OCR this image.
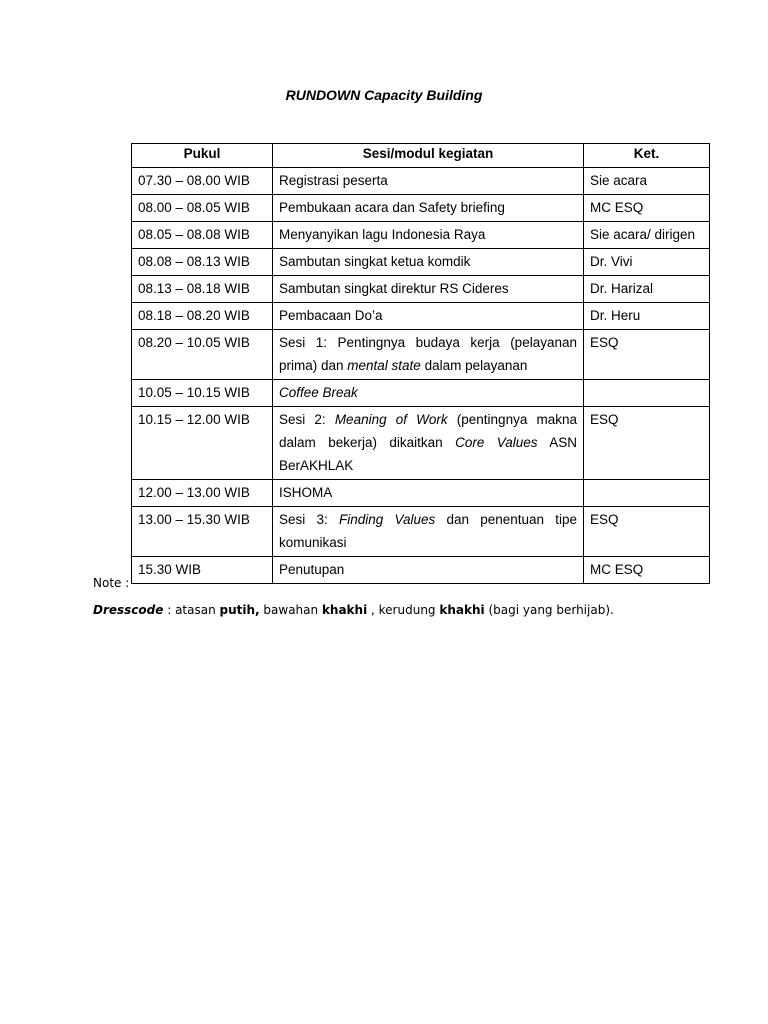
RUNDOWN Capacity Building
Pukul	Sesi/modul kegiatan	Ket.
07.30 – 08.00 WIB	Registrasi peserta	Sie acara
08.00 – 08.05 WIB	Pembukaan acara dan Safety briefing	MC ESQ
08.05 – 08.08 WIB	Menyanyikan lagu Indonesia Raya	Sie acara/ dirigen
08.08 – 08.13 WIB	Sambutan singkat ketua komdik	Dr. Vivi
08.13 – 08.18 WIB	Sambutan singkat direktur RS Cideres	Dr. Harizal
08.18 – 08.20 WIB	Pembacaan Do’a	Dr. Heru
08.20 – 10.05 WIB	Sesi 1: Pentingnya budaya kerja (pelayanan prima) dan mental state dalam pelayanan	ESQ
10.05 – 10.15 WIB	Coffee Break	
10.15 – 12.00 WIB	Sesi 2: Meaning of Work (pentingnya makna dalam bekerja) dikaitkan Core Values ASN BerAKHLAK	ESQ
12.00 – 13.00 WIB	ISHOMA	
13.00 – 15.30 WIB	Sesi 3: Finding Values dan penentuan tipe komunikasi	ESQ
15.30 WIB	Penutupan	MC ESQ
Note :
Dresscode : atasan putih, bawahan khakhi , kerudung khakhi (bagi yang berhijab).
